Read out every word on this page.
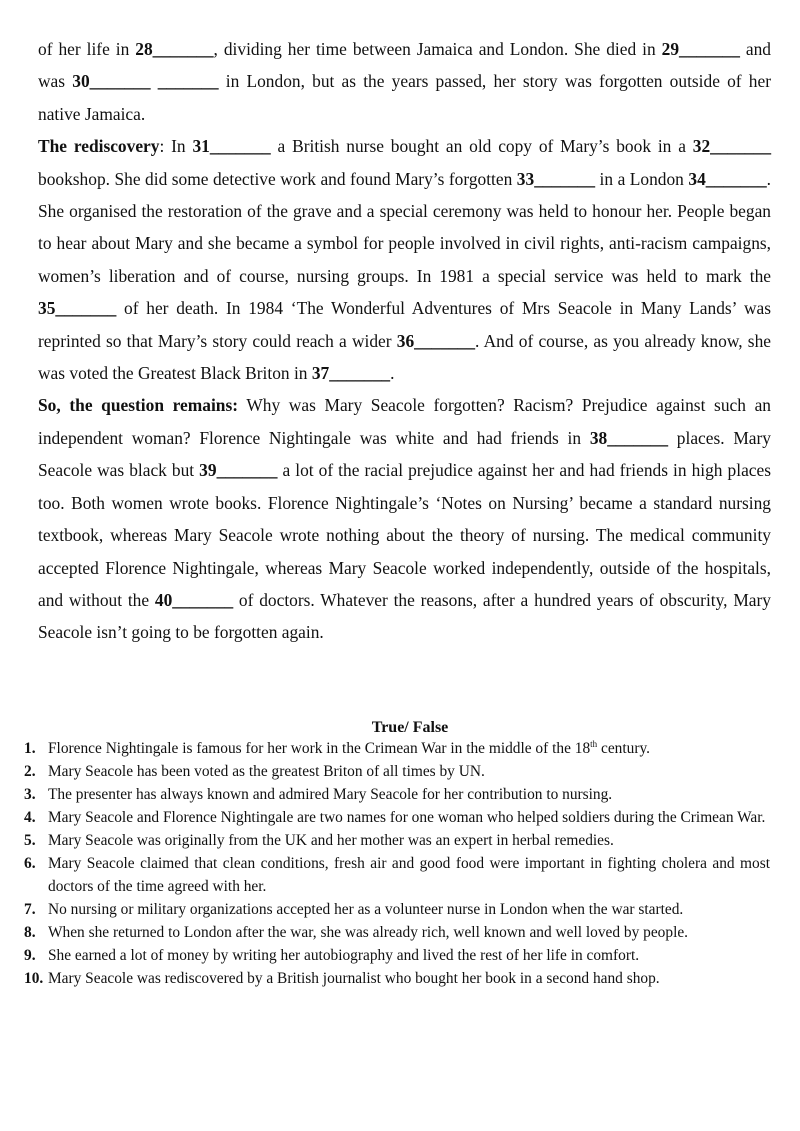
of her life in 28_______, dividing her time between Jamaica and London. She died in 29_______ and was 30_______ _______ in London, but as the years passed, her story was forgotten outside of her native Jamaica.

The rediscovery: In 31_______ a British nurse bought an old copy of Mary’s book in a 32_______ bookshop. She did some detective work and found Mary’s forgotten 33_______ in a London 34_______. She organised the restoration of the grave and a special ceremony was held to honour her. People began to hear about Mary and she became a symbol for people involved in civil rights, anti-racism campaigns, women’s liberation and of course, nursing groups. In 1981 a special service was held to mark the 35_______ of her death. In 1984 ‘The Wonderful Adventures of Mrs Seacole in Many Lands’ was reprinted so that Mary’s story could reach a wider 36_______. And of course, as you already know, she was voted the Greatest Black Briton in 37_______.

So, the question remains: Why was Mary Seacole forgotten? Racism? Prejudice against such an independent woman? Florence Nightingale was white and had friends in 38_______ places. Mary Seacole was black but 39_______ a lot of the racial prejudice against her and had friends in high places too. Both women wrote books. Florence Nightingale’s ‘Notes on Nursing’ became a standard nursing textbook, whereas Mary Seacole wrote nothing about the theory of nursing. The medical community accepted Florence Nightingale, whereas Mary Seacole worked independently, outside of the hospitals, and without the 40_______ of doctors. Whatever the reasons, after a hundred years of obscurity, Mary Seacole isn’t going to be forgotten again.

True/ False
1. Florence Nightingale is famous for her work in the Crimean War in the middle of the 18th century.
2. Mary Seacole has been voted as the greatest Briton of all times by UN.
3. The presenter has always known and admired Mary Seacole for her contribution to nursing.
4. Mary Seacole and Florence Nightingale are two names for one woman who helped soldiers during the Crimean War.
5. Mary Seacole was originally from the UK and her mother was an expert in herbal remedies.
6. Mary Seacole claimed that clean conditions, fresh air and good food were important in fighting cholera and most doctors of the time agreed with her.
7. No nursing or military organizations accepted her as a volunteer nurse in London when the war started.
8. When she returned to London after the war, she was already rich, well known and well loved by people.
9. She earned a lot of money by writing her autobiography and lived the rest of her life in comfort.
10. Mary Seacole was rediscovered by a British journalist who bought her book in a second hand shop.
